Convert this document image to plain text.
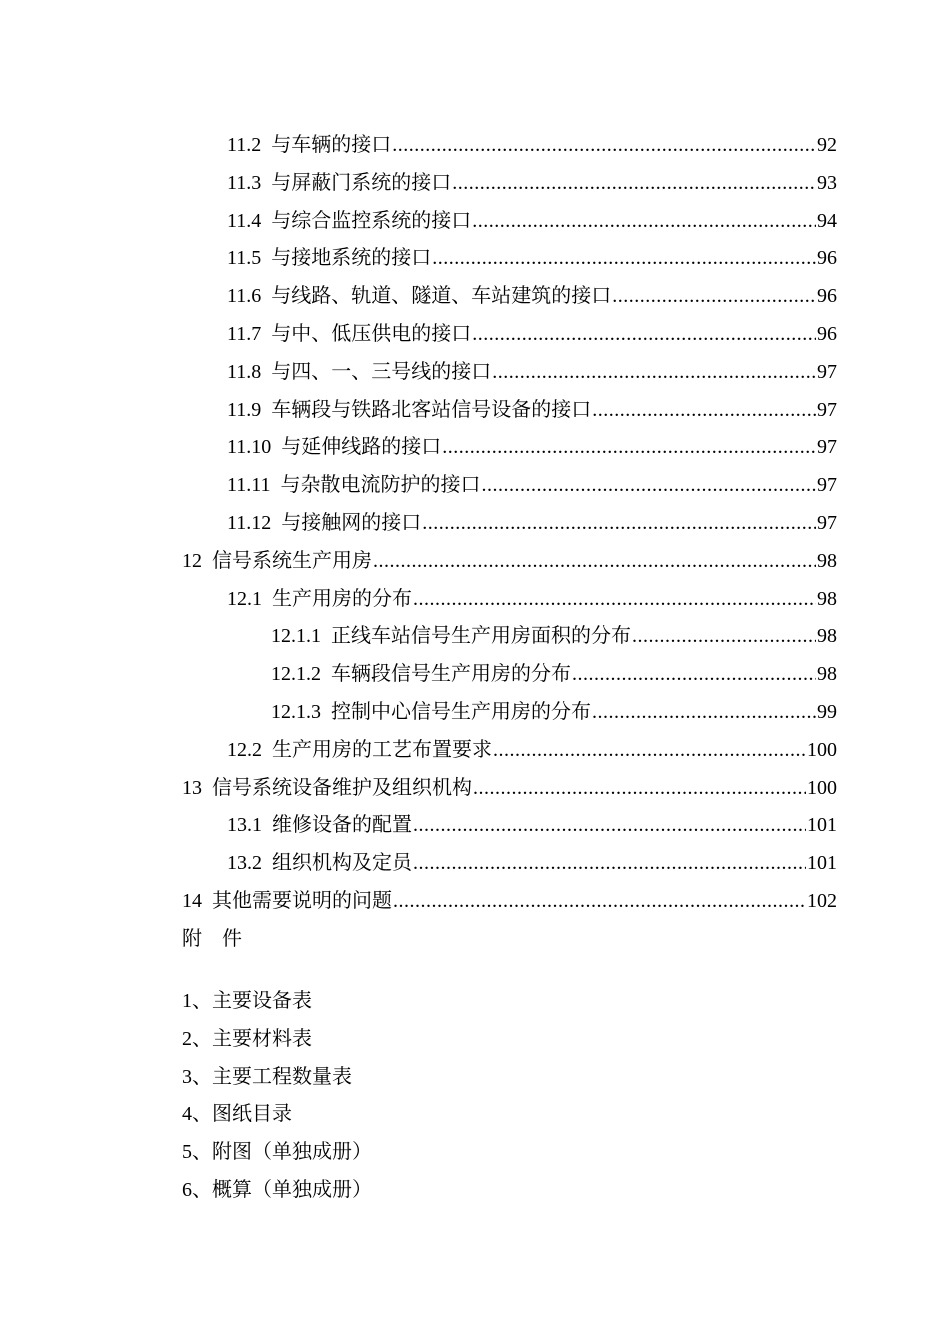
11.2 与车辆的接口 .....	92
11.3 与屏蔽门系统的接口 .....	93
11.4 与综合监控系统的接口 .....	94
11.5 与接地系统的接口 .....	96
11.6 与线路、轨道、隧道、车站建筑的接口 .....	96
11.7 与中、低压供电的接口 .....	96
11.8 与四、一、三号线的接口 .....	97
11.9 车辆段与铁路北客站信号设备的接口 .....	97
11.10 与延伸线路的接口 .....	97
11.11 与杂散电流防护的接口 .....	97
11.12 与接触网的接口 .....	97
12 信号系统生产用房 .....	98
12.1 生产用房的分布 .....	98
12.1.1 正线车站信号生产用房面积的分布 .....	98
12.1.2 车辆段信号生产用房的分布 .....	98
12.1.3 控制中心信号生产用房的分布 .....	99
12.2 生产用房的工艺布置要求 .....	100
13 信号系统设备维护及组织机构 .....	100
13.1 维修设备的配置 .....	101
13.2 组织机构及定员 .....	101
14 其他需要说明的问题 .....	102
附 件
1、主要设备表
2、主要材料表
3、主要工程数量表
4、图纸目录
5、附图（单独成册）
6、概算（单独成册）
